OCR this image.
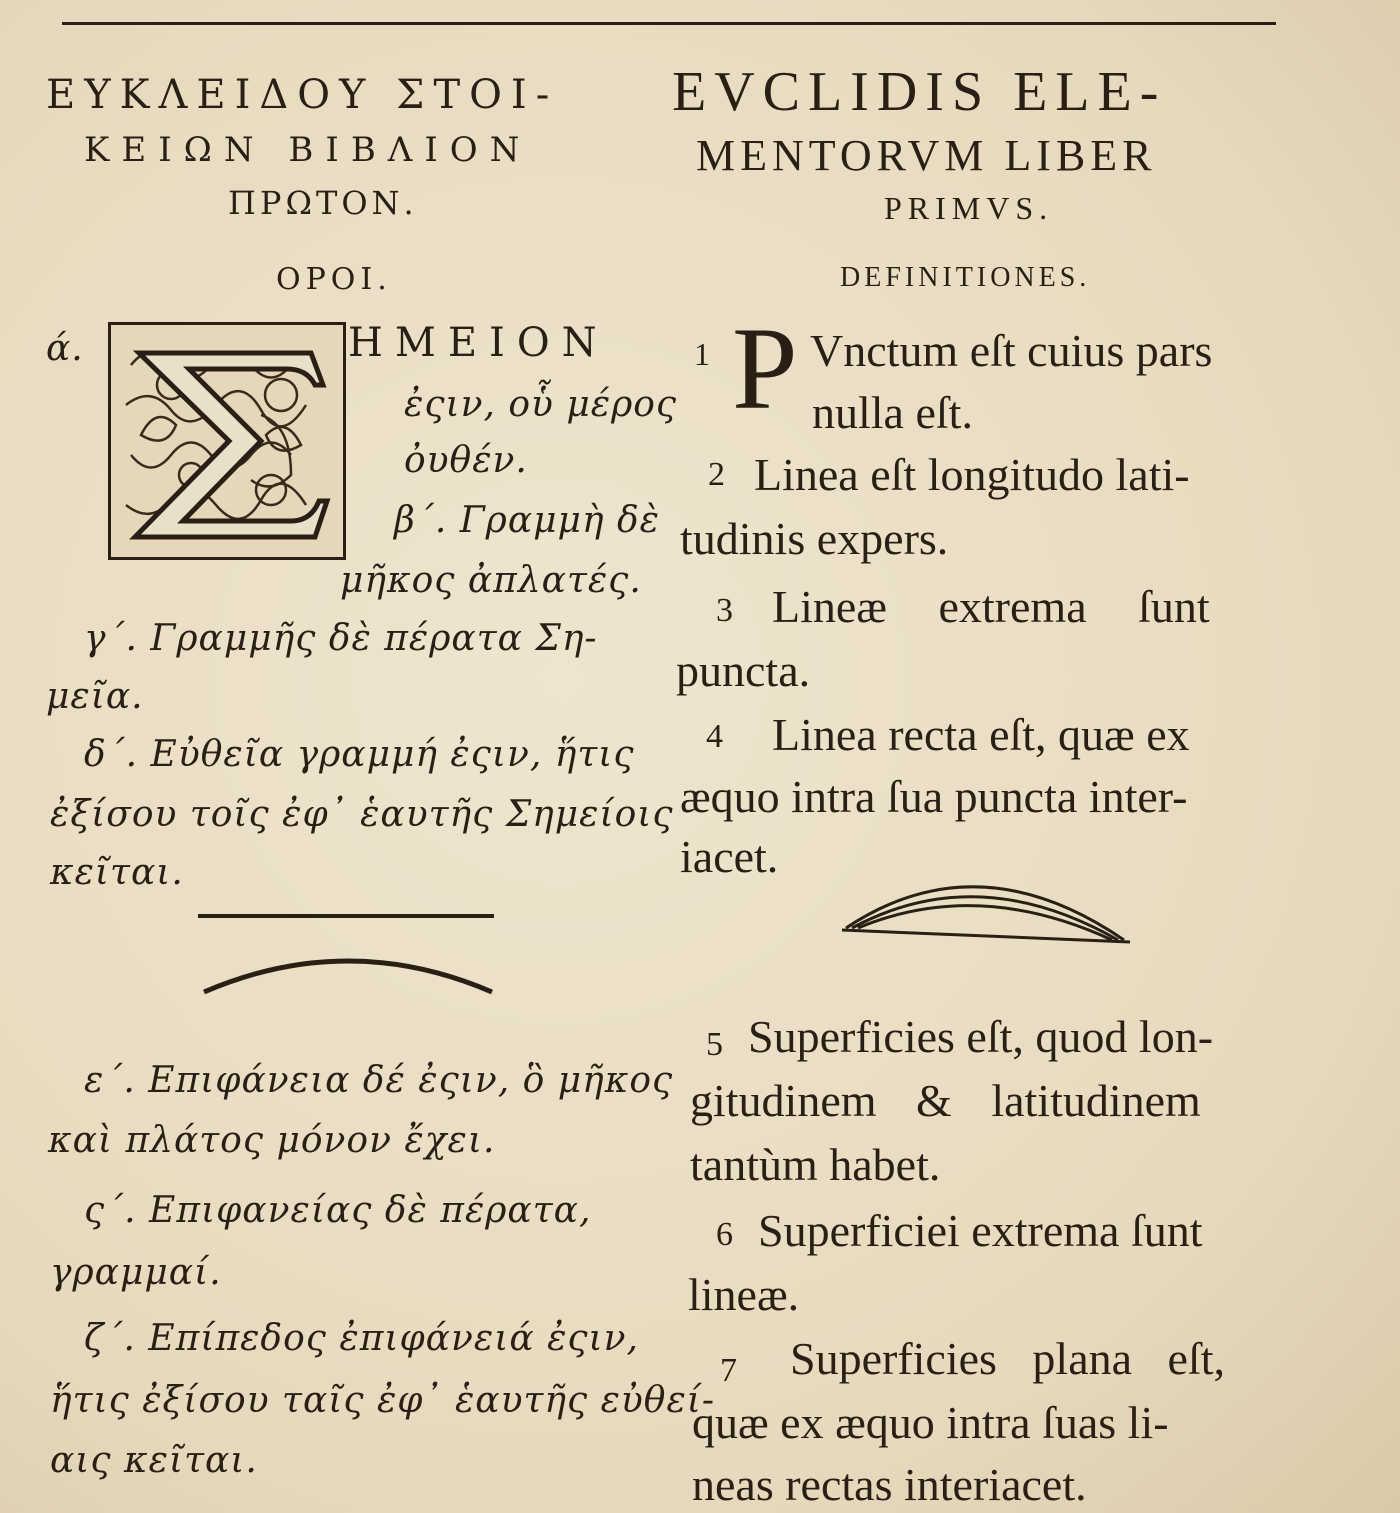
ΕΥΚΛΕΙΔΟΥ ΣΤΟΙ-
ΚΕΙΩΝ ΒΙΒΛΙΟΝ
ΠΡΩΤΟΝ.
ΟΡΟΙ.
ά.	ΗΜΕΙΟΝ
ἐςιν, οὗ μέρος
ὀυθέν.
β΄. Γραμμὴ δὲ
μῆκος ἀπλατές.
γ΄. Γραμμῆς δὲ πέρατα Ση-
μεῖα.
δ΄. Εὐθεῖα γραμμή ἐςιν, ἥτις
ἐξίσου τοῖς ἐφ᾽ ἑαυτῆς Σημείοις
κεῖται.
ε΄. Επιφάνεια δέ ἐςιν, ὃ μῆκος
καὶ πλάτος μόνον ἔχει.
ς΄. Επιφανείας δὲ πέρατα,
γραμμαί.
ζ΄. Επίπεδος ἐπιφάνειά ἐςιν,
ἥτις ἐξίσου ταῖς ἐφ᾽ ἑαυτῆς εὐθεί-
αις κεῖται.
EVCLIDIS ELE-
MENTORVM LIBER
PRIMVS.
DEFINITIONES.
1 P Vnctum eſt cuius pars
nulla eſt.
2 Linea eſt longitudo lati-
tudinis expers.
3 Lineæ extrema ſunt
puncta.
4 Linea recta eſt, quæ ex
æquo intra ſua puncta inter-
iacet.
5 Superficies eſt, quod lon-
gitudinem & latitudinem
tantùm habet.
6 Superficiei extrema ſunt
lineæ.
7 Superficies plana eſt,
quæ ex æquo intra ſuas li-
neas rectas interiacet.
